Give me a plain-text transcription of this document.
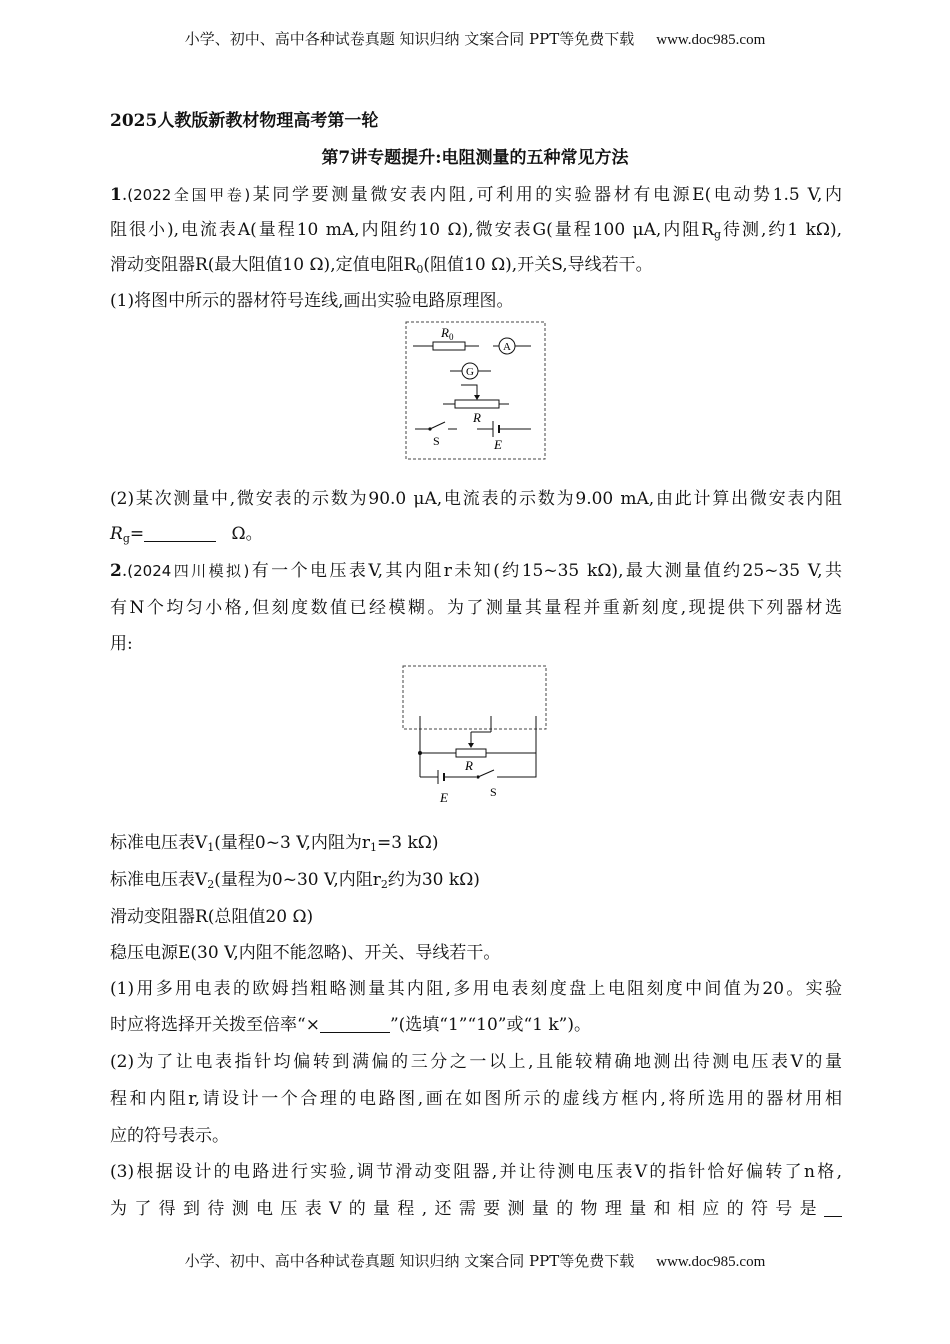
小学、初中、高中各种试卷真题 知识归纳 文案合同 PPT等免费下载 www.doc985.com
2025人教版新教材物理高考第一轮
第7讲专题提升:电阻测量的五种常见方法
1.(2022全国甲卷)某同学要测量微安表内阻,可利用的实验器材有电源E(电动势1.5 V,内
阻很小),电流表A(量程10 mA,内阻约10 Ω),微安表G(量程100 μA,内阻$R_g$待测,约1 kΩ),
滑动变阻器R(最大阻值10 Ω),定值电阻$R_0$(阻值10 Ω),开关S,导线若干。
(1)将图中所示的器材符号连线,画出实验电路原理图。
$R_0$
A
G
R
S	E
(2)某次测量中,微安表的示数为90.0 μA,电流表的示数为9.00 mA,由此计算出微安表内阻
$R_g=$	Ω。
2.(2024四川模拟)有一个电压表V,其内阻r未知(约15~35 kΩ),最大测量值约25~35 V,共
有N个均匀小格,但刻度数值已经模糊。为了测量其量程并重新刻度,现提供下列器材选
用:
R
E	S
标准电压表$V_1$(量程0~3 V,内阻为$r_1=3$ kΩ)
标准电压表$V_2$(量程为0~30 V,内阻$r_2$约为30 kΩ)
滑动变阻器R(总阻值20 Ω)
稳压电源E(30 V,内阻不能忽略)、开关、导线若干。
(1)用多用电表的欧姆挡粗略测量其内阻,多用电表刻度盘上电阻刻度中间值为20。实验
时应将选择开关拨至倍率“×	”(选填“1”“10”或“1 k”)。
(2)为了让电表指针均偏转到满偏的三分之一以上,且能较精确地测出待测电压表V的量
程和内阻r,请设计一个合理的电路图,画在如图所示的虚线方框内,将所选用的器材用相
应的符号表示。
(3)根据设计的电路进行实验,调节滑动变阻器,并让待测电压表V的指针恰好偏转了n格,
为了得到待测电压表V的量程,还需要测量的物理量和相应的符号是
小学、初中、高中各种试卷真题 知识归纳 文案合同 PPT等免费下载 www.doc985.com
